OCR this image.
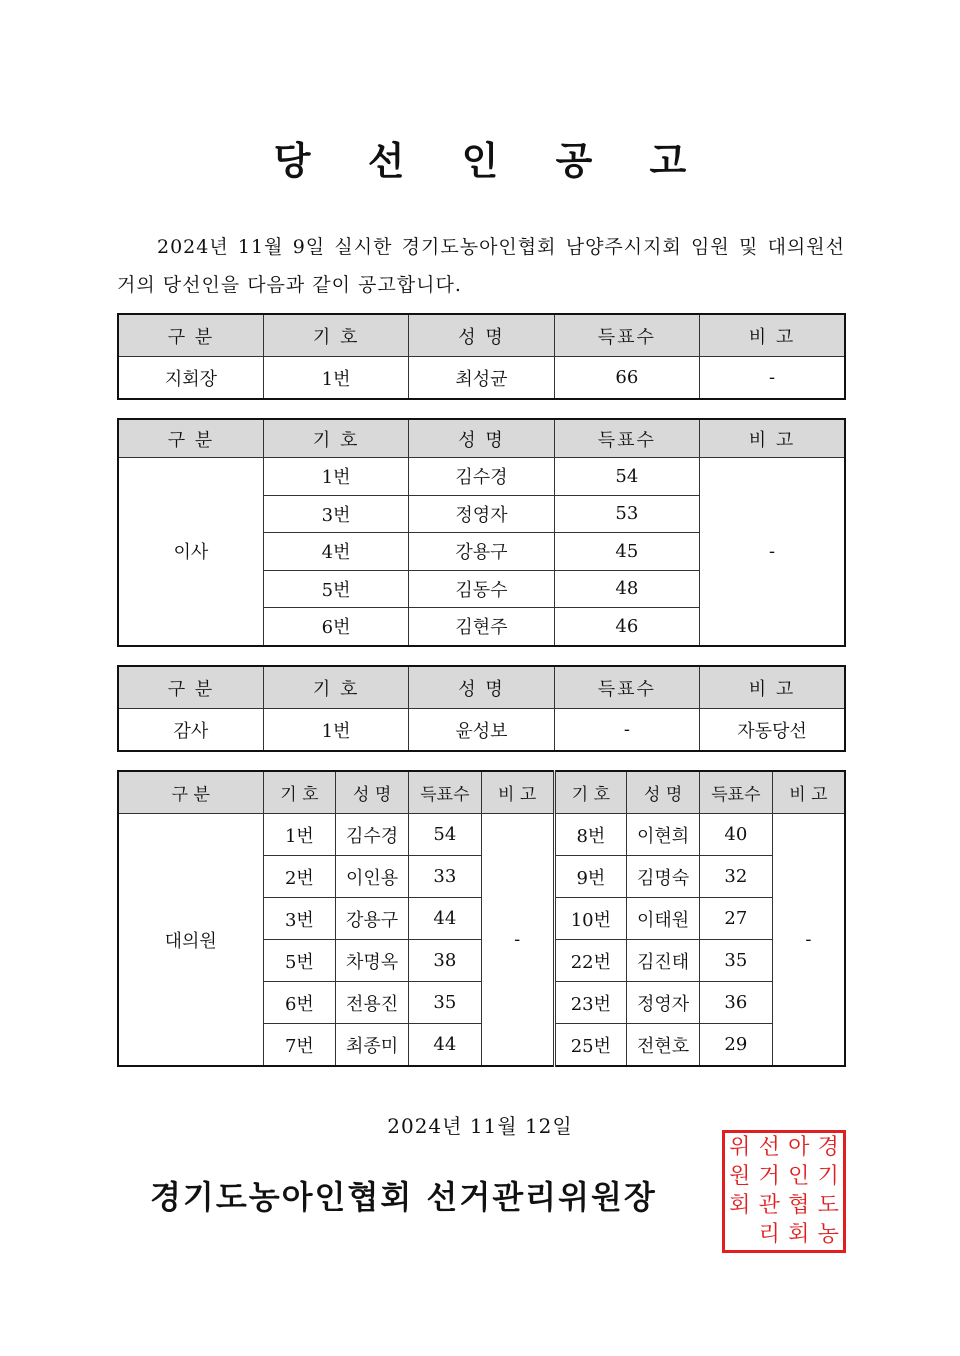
당 선 인 공 고
2024년 11월 9일 실시한 경기도농아인협회 남양주시지회 임원 및 대의원선거의 당선인을 다음과 같이 공고합니다.
구 분	기 호	성 명	득표수	비 고
지회장	1번	최성균	66	-
구 분	기 호	성 명	득표수	비 고
이사	1번	김수경	54	-
	3번	정영자	53	
	4번	강용구	45	
	5번	김동수	48	
	6번	김현주	46	
구 분	기 호	성 명	득표수	비 고
감사	1번	윤성보	-	자동당선
구 분	기 호	성 명	득표수	비 고	기 호	성 명	득표수	비 고
대의원	1번	김수경	54	-	8번	이현희	40	-
	2번	이인용	33		9번	김명숙	32	
	3번	강용구	44		10번	이태원	27	
	5번	차명옥	38		22번	김진태	35	
	6번	전용진	35		23번	정영자	36	
	7번	최종미	44		25번	전현호	29	
2024년 11월 12일
경기도농아인협회 선거관리위원장
경
기
도
농
아
인
협
회
선
거
관
리
위
원
회
